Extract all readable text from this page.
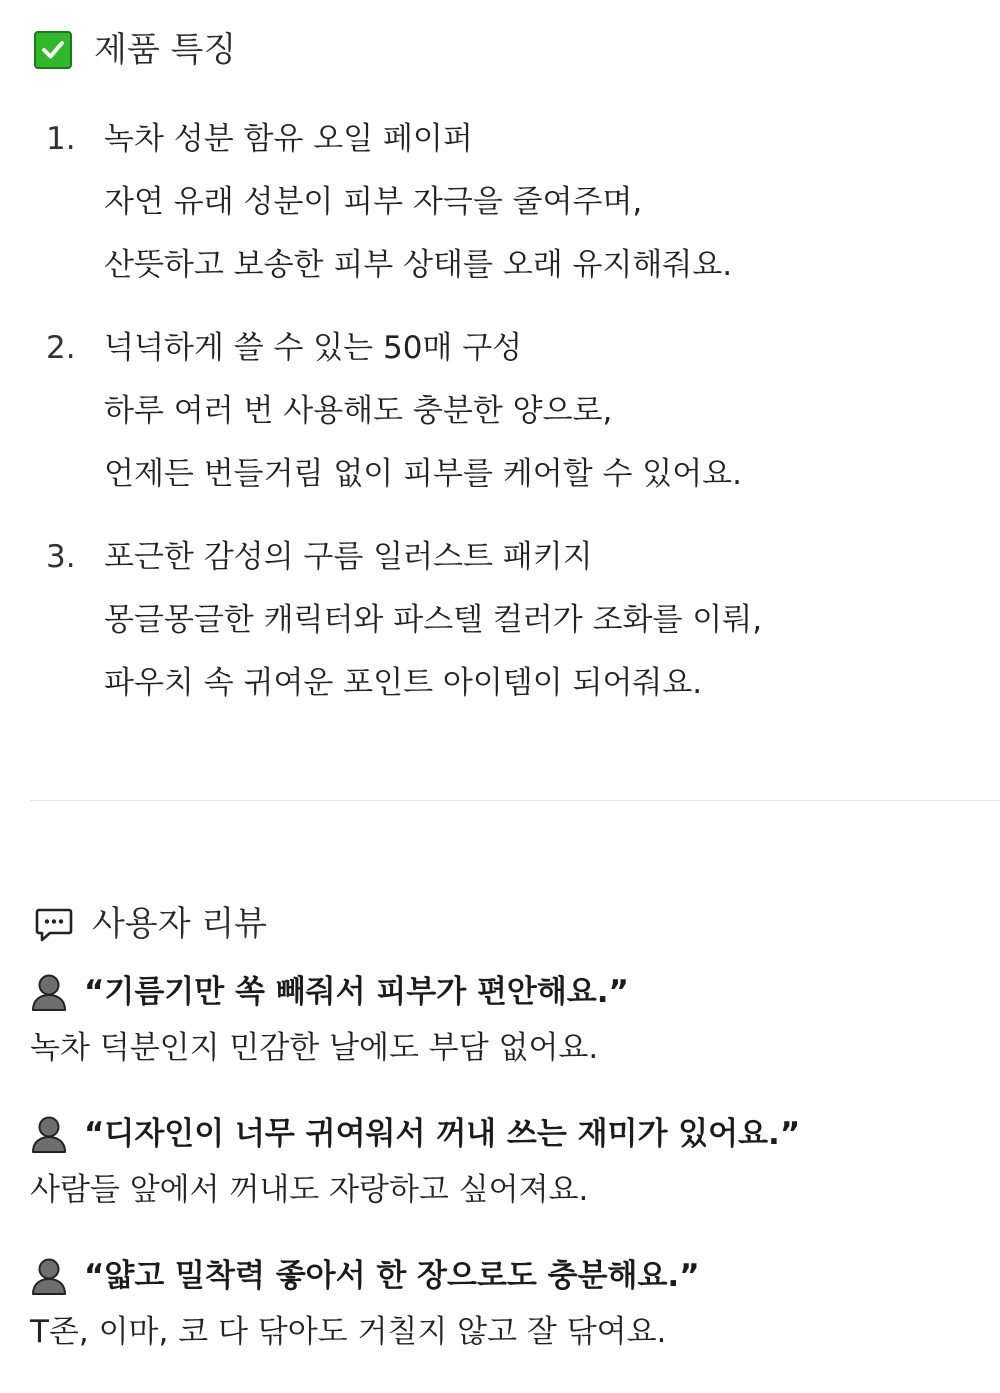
제품 특징
1. 녹차 성분 함유 오일 페이퍼
자연 유래 성분이 피부 자극을 줄여주며,
산뜻하고 보송한 피부 상태를 오래 유지해줘요.
2. 넉넉하게 쓸 수 있는 50매 구성
하루 여러 번 사용해도 충분한 양으로,
언제든 번들거림 없이 피부를 케어할 수 있어요.
3. 포근한 감성의 구름 일러스트 패키지
몽글몽글한 캐릭터와 파스텔 컬러가 조화를 이뤄,
파우치 속 귀여운 포인트 아이템이 되어줘요.
사용자 리뷰
“기름기만 쏙 빼줘서 피부가 편안해요.”
녹차 덕분인지 민감한 날에도 부담 없어요.
“디자인이 너무 귀여워서 꺼내 쓰는 재미가 있어요.”
사람들 앞에서 꺼내도 자랑하고 싶어져요.
“얇고 밀착력 좋아서 한 장으로도 충분해요.”
T존, 이마, 코 다 닦아도 거칠지 않고 잘 닦여요.
